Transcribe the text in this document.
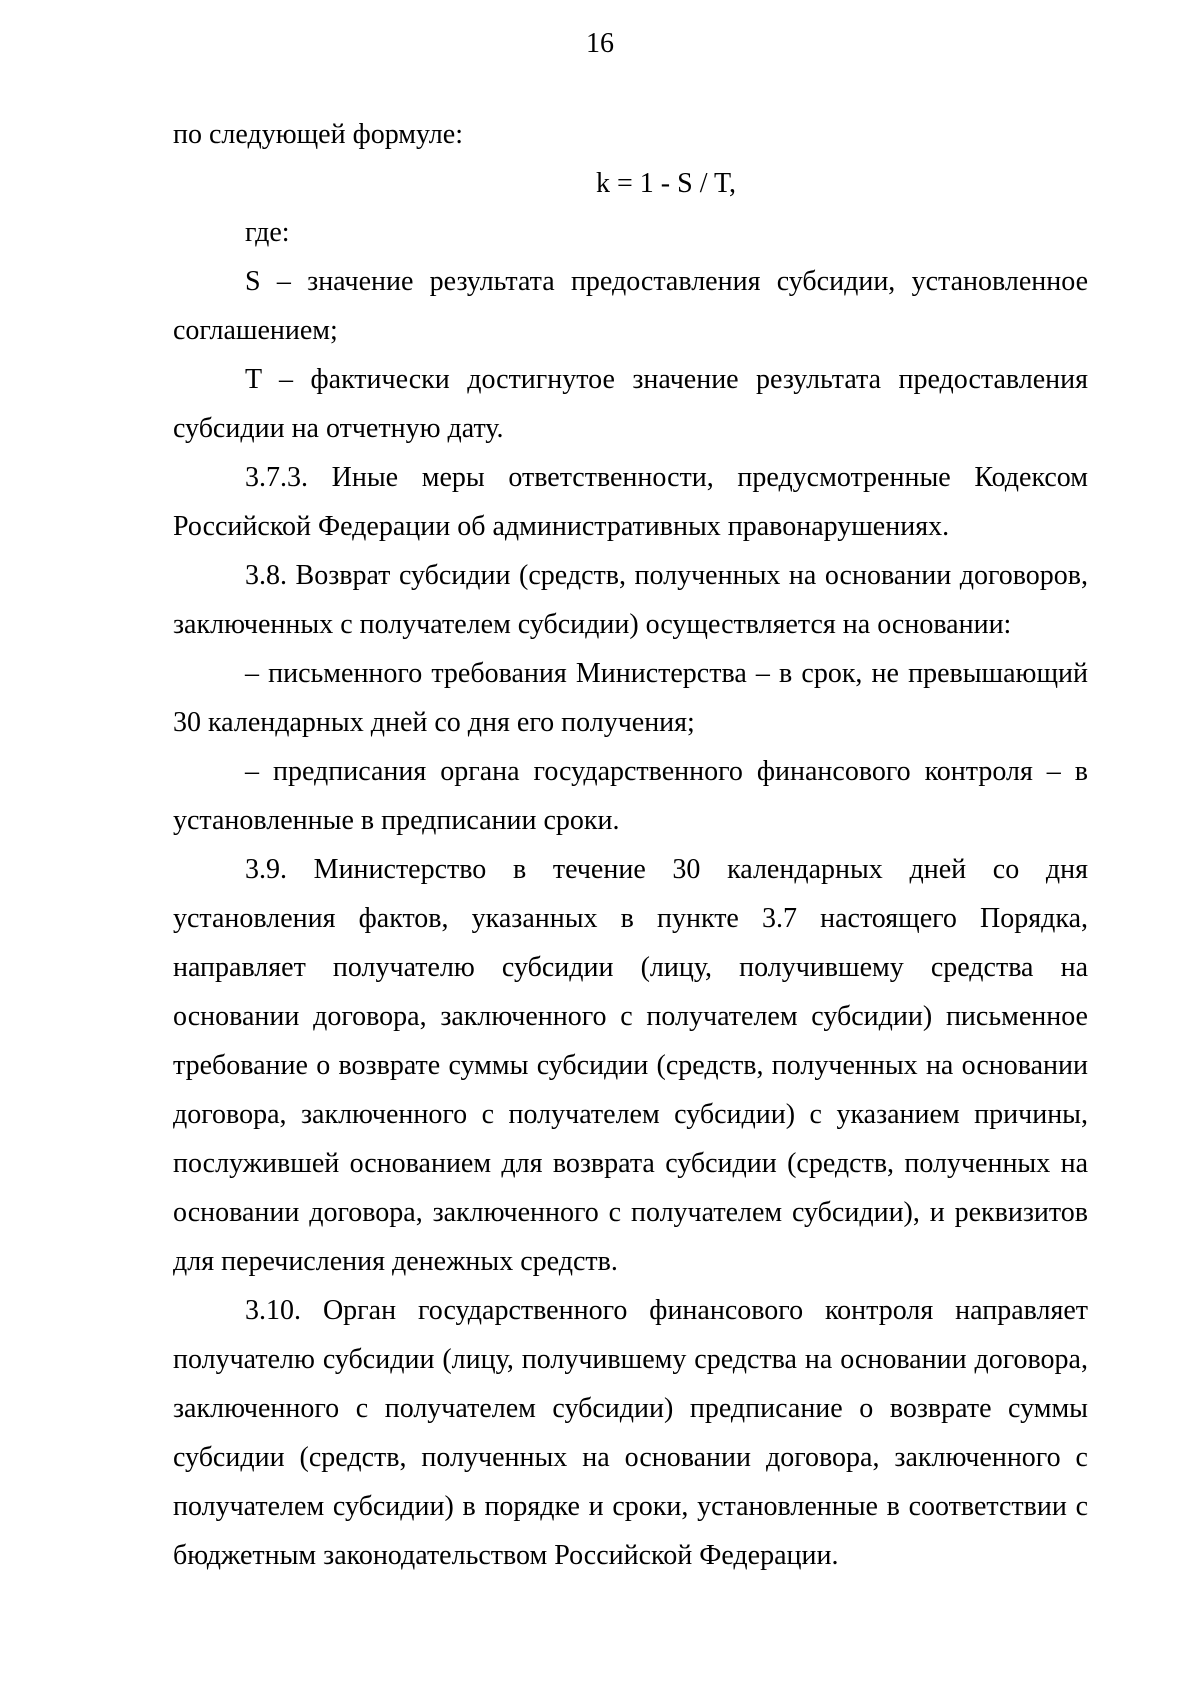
16

по следующей формуле:

k = 1 - S / T,

где:

S – значение результата предоставления субсидии, установленное соглашением;

T – фактически достигнутое значение результата предоставления субсидии на отчетную дату.

3.7.3. Иные меры ответственности, предусмотренные Кодексом Российской Федерации об административных правонарушениях.

3.8. Возврат субсидии (средств, полученных на основании договоров, заключенных с получателем субсидии) осуществляется на основании:

– письменного требования Министерства – в срок, не превышающий 30 календарных дней со дня его получения;

– предписания органа государственного финансового контроля – в установленные в предписании сроки.

3.9. Министерство в течение 30 календарных дней со дня установления фактов, указанных в пункте 3.7 настоящего Порядка, направляет получателю субсидии (лицу, получившему средства на основании договора, заключенного с получателем субсидии) письменное требование о возврате суммы субсидии (средств, полученных на основании договора, заключенного с получателем субсидии) с указанием причины, послужившей основанием для возврата субсидии (средств, полученных на основании договора, заключенного с получателем субсидии), и реквизитов для перечисления денежных средств.

3.10. Орган государственного финансового контроля направляет получателю субсидии (лицу, получившему средства на основании договора, заключенного с получателем субсидии) предписание о возврате суммы субсидии (средств, полученных на основании договора, заключенного с получателем субсидии) в порядке и сроки, установленные в соответствии с бюджетным законодательством Российской Федерации.
